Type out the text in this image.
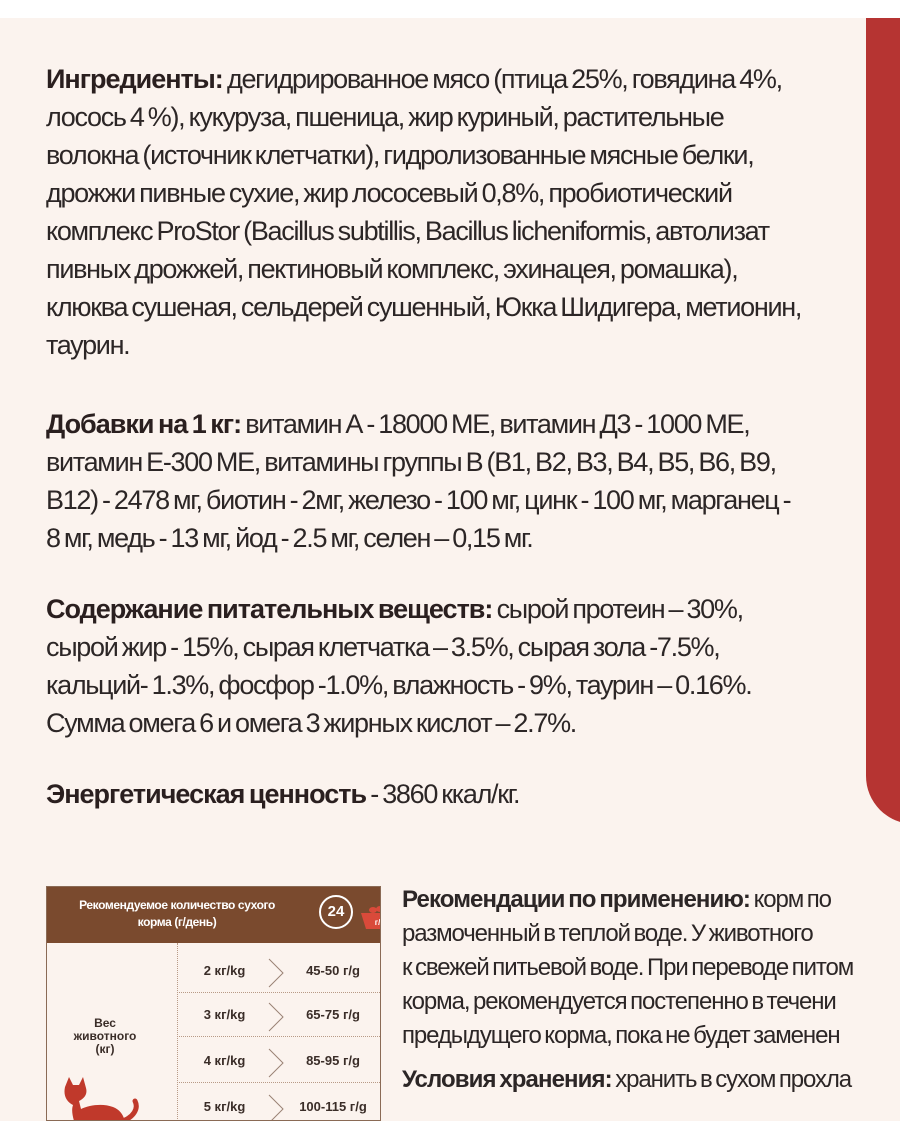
Ингредиенты: дегидрированное мясо (птица 25%, говядина 4%, лосось 4 %), кукуруза, пшеница, жир куриный, растительные волокна (источник клетчатки), гидролизованные мясные белки, дрожжи пивные сухие, жир лососевый 0,8%, пробиотический комплекс ProStor (Bacillus subtillis, Bacillus licheniformis, автолизат пивных дрожжей, пектиновый комплекс, эхинацея, ромашка), клюква сушеная, сельдерей сушенный, Юкка Шидигера, метионин, таурин.

Добавки на 1 кг: витамин А - 18000 МЕ, витамин Д3 - 1000 МЕ, витамин Е-300 МЕ, витамины группы В (В1, В2, В3, В4, В5, В6, В9, В12) - 2478 мг, биотин - 2мг, железо - 100 мг, цинк - 100 мг, марганец - 8 мг, медь - 13 мг, йод - 2.5 мг, селен – 0,15 мг.

Содержание питательных веществ: сырой протеин – 30%, сырой жир - 15%, сырая клетчатка – 3.5%, сырая зола -7.5%, кальций- 1.3%, фосфор -1.0%, влажность - 9%, таурин – 0.16%. Сумма омега 6 и омега 3 жирных кислот – 2.7%.

Энергетическая ценность - 3860 ккал/кг.

Рекомендуемое количество сухого корма (г/день)
24
г/g
Вес
животного
(кг)
2 кг/kg	45-50 г/g
3 кг/kg	65-75 г/g
4 кг/kg	85-95 г/g
5 кг/kg	100-115 г/g

Рекомендации по применению: корм по

размоченный в теплой воде. У животного

к свежей питьевой воде. При переводе питом

корма, рекомендуется постепенно в течени

предыдущего корма, пока не будет заменен

Условия хранения: хранить в сухом прохла
